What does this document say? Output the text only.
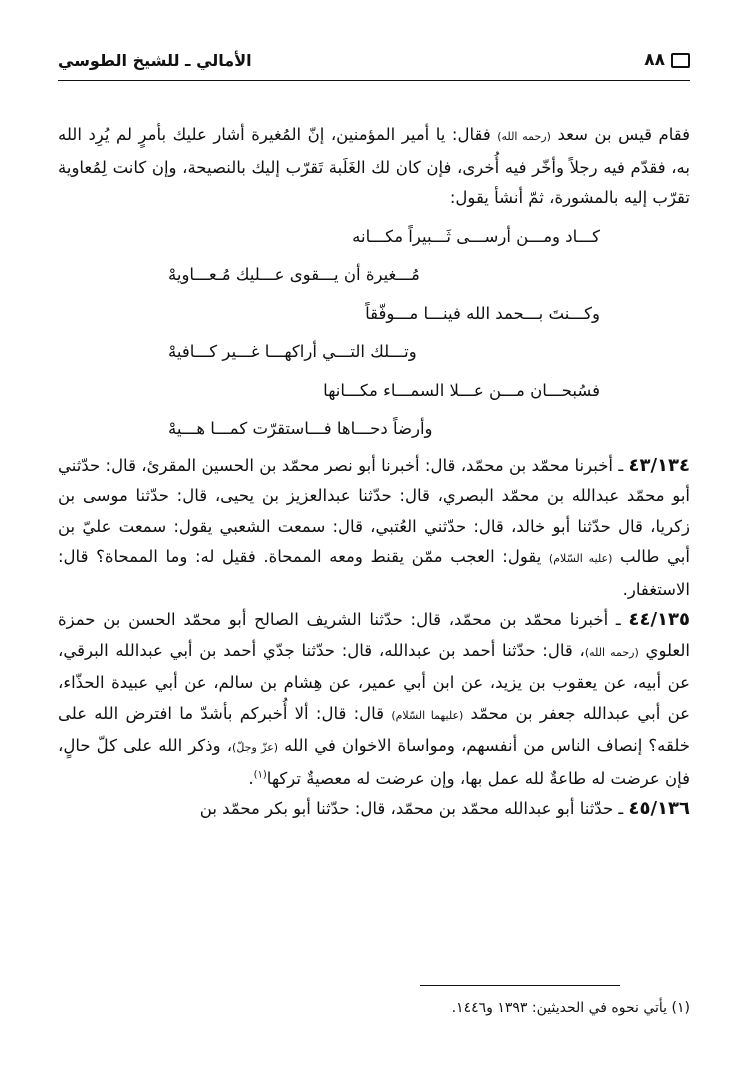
٨٨
الأمالي ـ للشيخ الطوسي

فقام قيس بن سعد (رحمه الله) فقال: يا أمير المؤمنين، إنّ المُغيرة أشار عليك بأمرٍ لم يُرِد الله به، فقدّم فيه رجلاً وأخّر فيه أُخرى، فإن كان لك الغَلَبة تَقرّب إليك بالنصيحة، وإن كانت لِمُعاوية تقرّب إليه بالمشورة، ثمّ أنشأ يقول:

كـــاد ومـــن أرســـى ثَـــبيراً مكـــانه
مُـــغيرة أن يـــقوى عـــليك مُـعـــاويهْ
وكـــنتَ بـــحمد الله فينـــا مـــوفّقاً
وتـــلك التـــي أراكهـــا غـــير كـــافيهْ
فسُبحـــان مـــن عـــلا السمـــاء مكـــانها
وأرضاً دحـــاها فـــاستقرّت كمـــا هـــيهْ

٤٣/١٣٤ ـ أخبرنا محمّد بن محمّد، قال: أخبرنا أبو نصر محمّد بن الحسين المقرئ، قال: حدّثني أبو محمّد عبدالله بن محمّد البصري، قال: حدّثنا عبدالعزيز بن يحيى، قال: حدّثنا موسى بن زكريا، قال حدّثنا أبو خالد، قال: حدّثني العُتبي، قال: سمعت الشعبي يقول: سمعت عليّ بن أبي طالب (عليه السّلام) يقول: العجب ممّن يقنط ومعه الممحاة. فقيل له: وما الممحاة؟ قال: الاستغفار.

٤٤/١٣٥ ـ أخبرنا محمّد بن محمّد، قال: حدّثنا الشريف الصالح أبو محمّد الحسن بن حمزة العلوي (رحمه الله)، قال: حدّثنا أحمد بن عبدالله، قال: حدّثنا جدّي أحمد بن أبي عبدالله البرقي، عن أبيه، عن يعقوب بن يزيد، عن ابن أبي عمير، عن هِشام بن سالم، عن أبي عبيدة الحذّاء، عن أبي عبدالله جعفر بن محمّد (عليهما السّلام) قال: قال: ألا أُخبركم بأشدّ ما افترض الله على خلقه؟ إنصاف الناس من أنفسهم، ومواساة الاخوان في الله (عزّ وجلّ)، وذكر الله على كلّ حالٍ، فإن عرضت له طاعةٌ لله عمل بها، وإن عرضت له معصيةٌ تركها$^{(١)}$.

٤٥/١٣٦ ـ حدّثنا أبو عبدالله محمّد بن محمّد، قال: حدّثنا أبو بكر محمّد بن

(١) يأتي نحوه في الحديثين: ١٣٩٣ و١٤٤٦.
